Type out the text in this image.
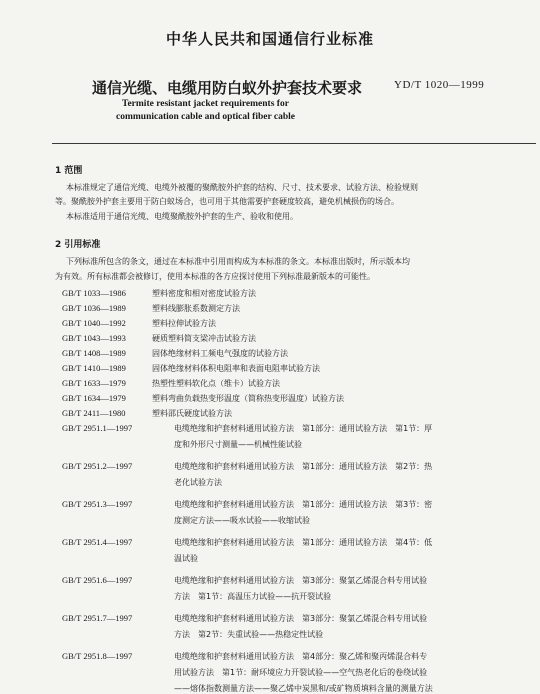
中华人民共和国通信行业标准
通信光缆、电缆用防白蚁外护套技术要求	YD/T 1020—1999
Termite resistant jacket requirements for
communication cable and optical fiber cable
1 范围
本标准规定了通信光缆、电缆外被覆的聚酰胺外护套的结构、尺寸、技术要求、试验方法、检验规则
等。聚酰胺外护套主要用于防白蚁场合，也可用于其他需要护套硬度较高，避免机械损伤的场合。
本标准适用于通信光缆、电缆聚酰胺外护套的生产、验收和使用。
2 引用标准
下列标准所包含的条文，通过在本标准中引用而构成为本标准的条文。本标准出版时，所示版本均
为有效。所有标准都会被修订，使用本标准的各方应探讨使用下列标准最新版本的可能性。
GB/T 1033—1986	塑料密度和相对密度试验方法
GB/T 1036—1989	塑料线膨胀系数测定方法
GB/T 1040—1992	塑料拉伸试验方法
GB/T 1043—1993	硬质塑料简支梁冲击试验方法
GB/T 1408—1989	固体绝缘材料工频电气强度的试验方法
GB/T 1410—1989	固体绝缘材料体积电阻率和表面电阻率试验方法
GB/T 1633—1979	热塑性塑料软化点（维卡）试验方法
GB/T 1634—1979	塑料弯曲负载热变形温度（简称热变形温度）试验方法
GB/T 2411—1980	塑料邵氏硬度试验方法
GB/T 2951.1—1997	电缆绝缘和护套材料通用试验方法　第1部分：通用试验方法　第1节：厚
度和外形尺寸测量——机械性能试验
GB/T 2951.2—1997	电缆绝缘和护套材料通用试验方法　第1部分：通用试验方法　第2节：热
老化试验方法
GB/T 2951.3—1997	电缆绝缘和护套材料通用试验方法　第1部分：通用试验方法　第3节：密
度测定方法——吸水试验——收缩试验
GB/T 2951.4—1997	电缆绝缘和护套材料通用试验方法　第1部分：通用试验方法　第4节：低
温试验
GB/T 2951.6—1997	电缆绝缘和护套材料通用试验方法　第3部分：聚氯乙烯混合料专用试验
方法　第1节：高温压力试验——抗开裂试验
GB/T 2951.7—1997	电缆绝缘和护套材料通用试验方法　第3部分：聚氯乙烯混合料专用试验
方法　第2节：失重试验——热稳定性试验
GB/T 2951.8—1997	电缆绝缘和护套材料通用试验方法　第4部分：聚乙烯和聚丙烯混合料专
用试验方法　第1节：耐环境应力开裂试验——空气热老化后的卷绕试验
——熔体指数测量方法——聚乙烯中炭黑和/或矿物质填料含量的测量方法
